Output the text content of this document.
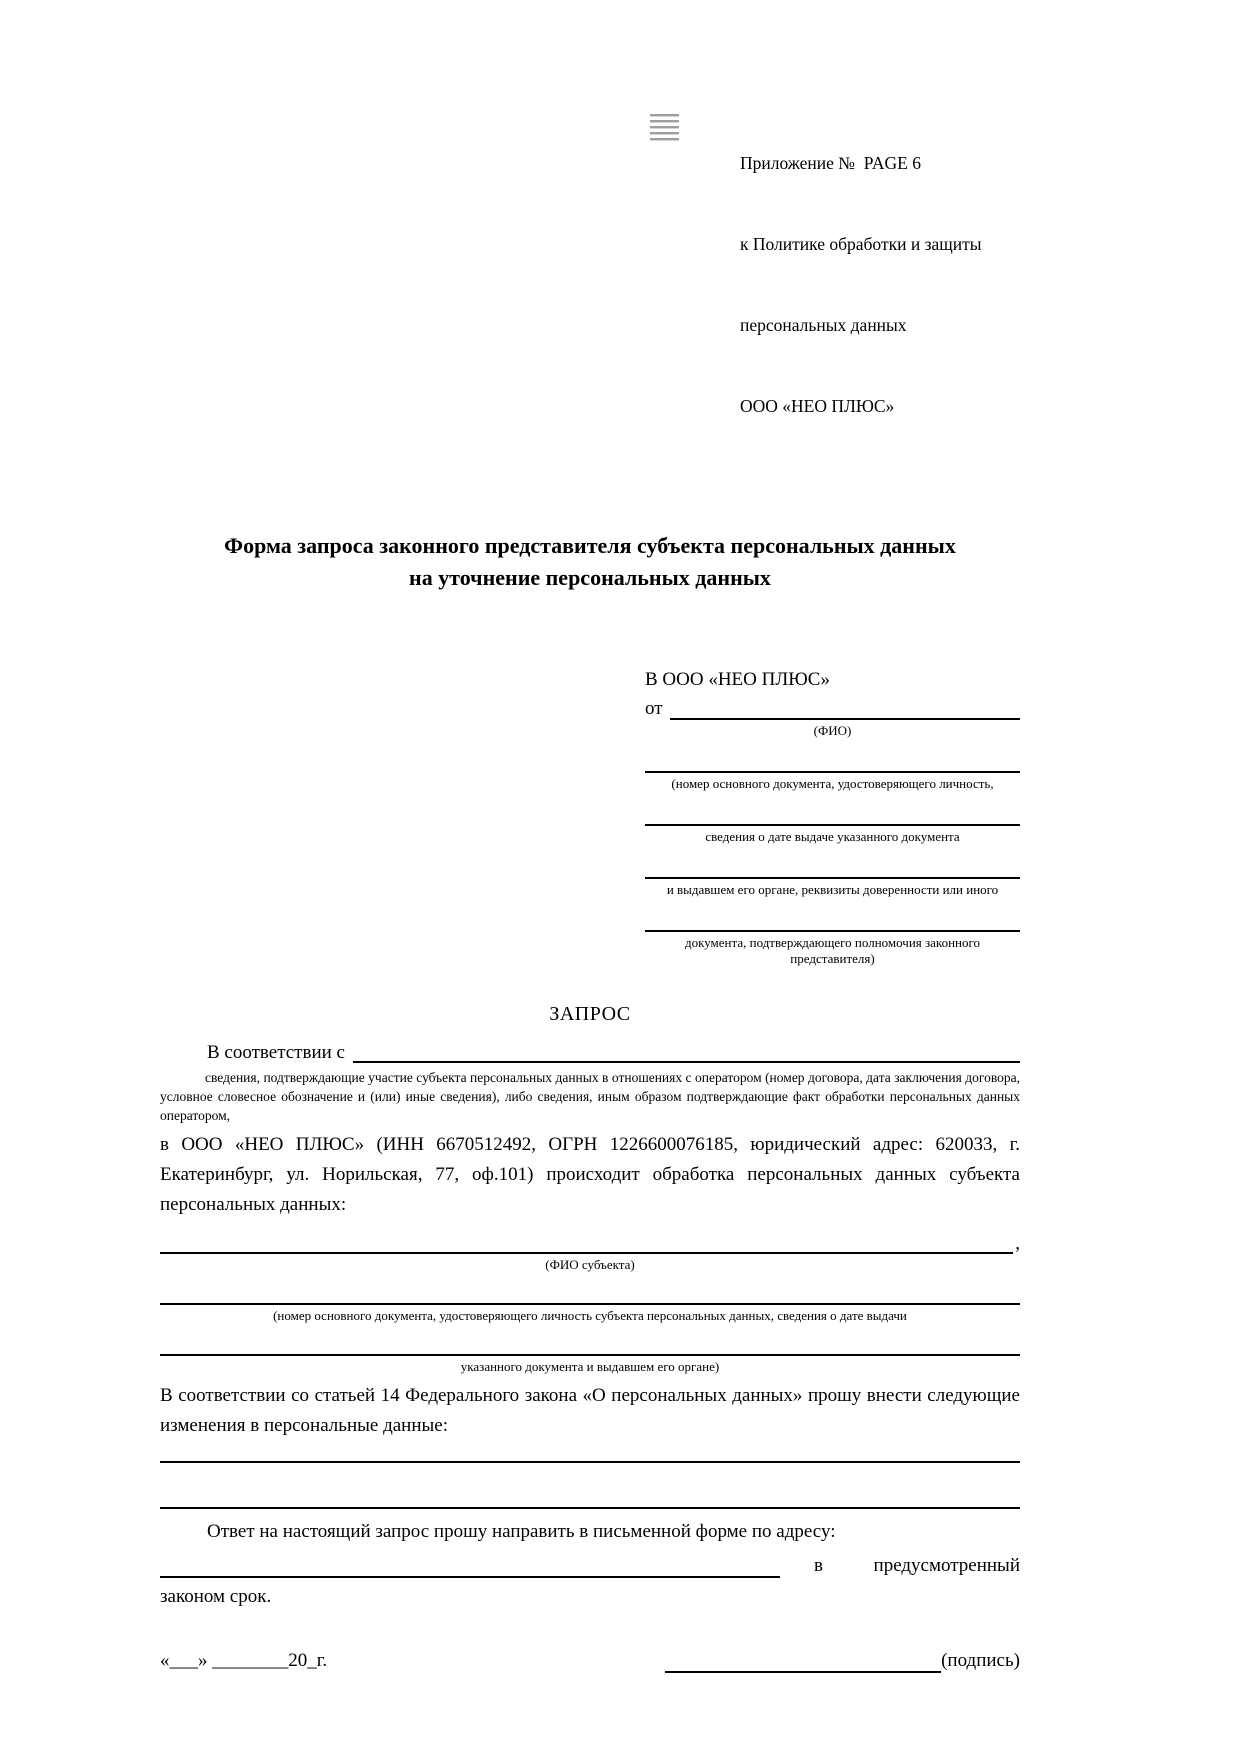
Приложение №  PAGE 6

к Политике обработки и защиты

персональных данных

ООО «НЕО ПЛЮС»

Форма запроса законного представителя субъекта персональных данных
на уточнение персональных данных
В ООО «НЕО ПЛЮС»
от
(ФИО)
(номер основного документа, удостоверяющего личность,
сведения о дате выдаче указанного документа
и выдавшем его органе, реквизиты доверенности или иного
документа, подтверждающего полномочия законного представителя)
ЗАПРОС
В соответствии с
сведения, подтверждающие участие субъекта персональных данных в отношениях с оператором (номер договора, дата заключения договора, условное словесное обозначение и (или) иные сведения), либо сведения, иным образом подтверждающие факт обработки персональных данных оператором,
в ООО «НЕО ПЛЮС» (ИНН 6670512492, ОГРН 1226600076185, юридический адрес: 620033, г. Екатеринбург, ул. Норильская, 77, оф.101) происходит обработка персональных данных субъекта персональных данных:
,
(ФИО субъекта)
(номер основного документа, удостоверяющего личность субъекта персональных данных, сведения о дате выдачи
указанного документа и выдавшем его органе)
В соответствии со статьей 14 Федерального закона «О персональных данных» прошу внести следующие изменения в персональные данные:
Ответ на настоящий запрос прошу направить в письменной форме по адресу:
в	предусмотренный
законом срок.
«___» ________20_г.	(подпись)
